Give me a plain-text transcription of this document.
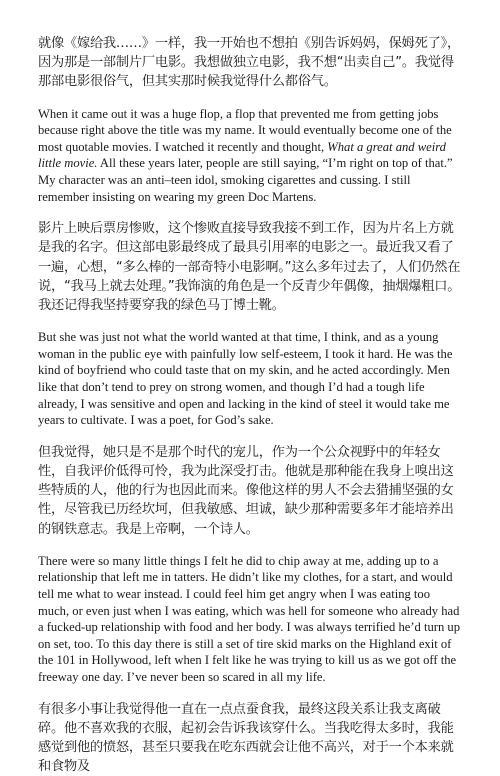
就像《嫁给我……》一样，我一开始也不想拍《别告诉妈妈，保姆死了》，因为那是一部制片厂电影。我想做独立电影，我不想“出卖自己”。我觉得那部电影很俗气，但其实那时候我觉得什么都俗气。

When it came out it was a huge flop, a flop that prevented me from getting jobs because right above the title was my name. It would eventually become one of the most quotable movies. I watched it recently and thought, What a great and weird little movie. All these years later, people are still saying, “I’m right on top of that.” My character was an anti–teen idol, smoking cigarettes and cussing. I still remember insisting on wearing my green Doc Martens.

影片上映后票房惨败，这个惨败直接导致我接不到工作，因为片名上方就是我的名字。但这部电影最终成了最具引用率的电影之一。最近我又看了一遍，心想，“多么棒的一部奇特小电影啊。”这么多年过去了，人们仍然在说，“我马上就去处理。”我饰演的角色是一个反青少年偶像，抽烟爆粗口。我还记得我坚持要穿我的绿色马丁博士靴。

But she was just not what the world wanted at that time, I think, and as a young woman in the public eye with painfully low self-esteem, I took it hard. He was the kind of boyfriend who could taste that on my skin, and he acted accordingly. Men like that don’t tend to prey on strong women, and though I’d had a tough life already, I was sensitive and open and lacking in the kind of steel it would take me years to cultivate. I was a poet, for God’s sake.

但我觉得，她只是不是那个时代的宠儿，作为一个公众视野中的年轻女性，自我评价低得可怜，我为此深受打击。他就是那种能在我身上嗅出这些特质的人，他的行为也因此而来。像他这样的男人不会去猎捕坚强的女性，尽管我已历经坎坷，但我敏感、坦诚，缺少那种需要多年才能培养出的钢铁意志。我是上帝啊，一个诗人。

There were so many little things I felt he did to chip away at me, adding up to a relationship that left me in tatters. He didn’t like my clothes, for a start, and would tell me what to wear instead. I could feel him get angry when I was eating too much, or even just when I was eating, which was hell for someone who already had a fucked-up relationship with food and her body. I was always terrified he’d turn up on set, too. To this day there is still a set of tire skid marks on the Highland exit of the 101 in Hollywood, left when I felt like he was trying to kill us as we got off the freeway one day. I’ve never been so scared in all my life.

有很多小事让我觉得他一直在一点点蚕食我，最终这段关系让我支离破碎。他不喜欢我的衣服，起初会告诉我该穿什么。当我吃得太多时，我能感觉到他的愤怒，甚至只要我在吃东西就会让他不高兴，对于一个本来就和食物及
